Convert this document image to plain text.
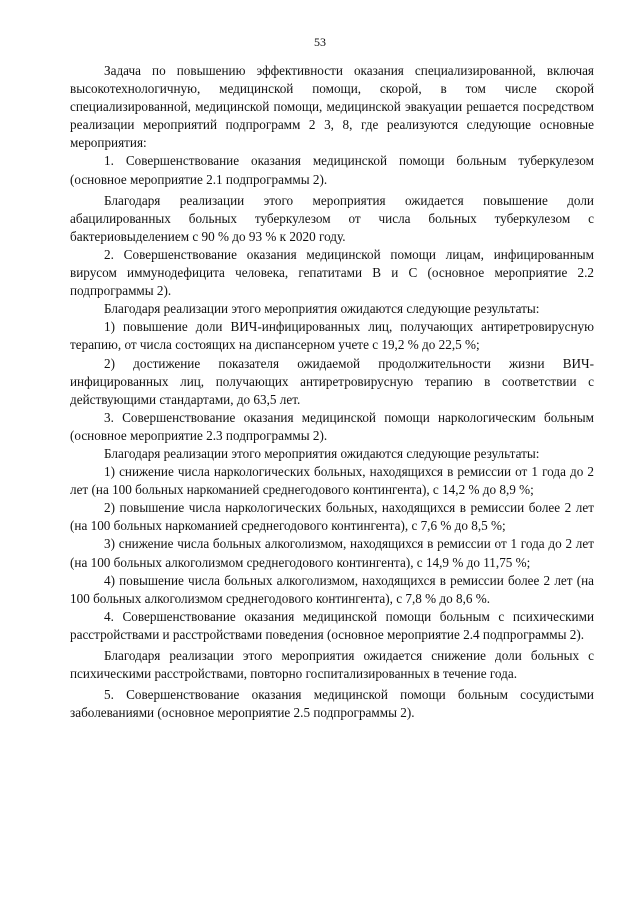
53

Задача по повышению эффективности оказания специализированной, включая высокотехнологичную, медицинской помощи, скорой, в том числе скорой специализированной, медицинской помощи, медицинской эвакуации решается посредством реализации мероприятий подпрограмм 2 3, 8, где реализуются следующие основные мероприятия:

1. Совершенствование оказания медицинской помощи больным туберкулезом (основное мероприятие 2.1 подпрограммы 2).

Благодаря реализации этого мероприятия ожидается повышение доли абацилированных больных туберкулезом от числа больных туберкулезом с бактериовыделением с 90 % до 93 % к 2020 году.

2. Совершенствование оказания медицинской помощи лицам, инфицированным вирусом иммунодефицита человека, гепатитами В и С (основное мероприятие 2.2 подпрограммы 2).

Благодаря реализации этого мероприятия ожидаются следующие результаты:

1) повышение доли ВИЧ-инфицированных лиц, получающих антиретровирусную терапию, от числа состоящих на диспансерном учете с 19,2 % до 22,5 %;

2) достижение показателя ожидаемой продолжительности жизни ВИЧ-инфицированных лиц, получающих антиретровирусную терапию в соответствии с действующими стандартами, до 63,5 лет.

3. Совершенствование оказания медицинской помощи наркологическим больным (основное мероприятие 2.3 подпрограммы 2).

Благодаря реализации этого мероприятия ожидаются следующие результаты:

1) снижение числа наркологических больных, находящихся в ремиссии от 1 года до 2 лет (на 100 больных наркоманией среднегодового контингента), с 14,2 % до 8,9 %;

2) повышение числа наркологических больных, находящихся в ремиссии более 2 лет (на 100 больных наркоманией среднегодового контингента), с 7,6 % до 8,5 %;

3) снижение числа больных алкоголизмом, находящихся в ремиссии от 1 года до 2 лет (на 100 больных алкоголизмом среднегодового контингента), с 14,9 % до 11,75 %;

4) повышение числа больных алкоголизмом, находящихся в ремиссии более 2 лет (на 100 больных алкоголизмом среднегодового контингента), с 7,8 % до 8,6 %.

4. Совершенствование оказания медицинской помощи больным с психическими расстройствами и расстройствами поведения (основное мероприятие 2.4 подпрограммы 2).

Благодаря реализации этого мероприятия ожидается снижение доли больных с психическими расстройствами, повторно госпитализированных в течение года.

5. Совершенствование оказания медицинской помощи больным сосудистыми заболеваниями (основное мероприятие 2.5 подпрограммы 2).
